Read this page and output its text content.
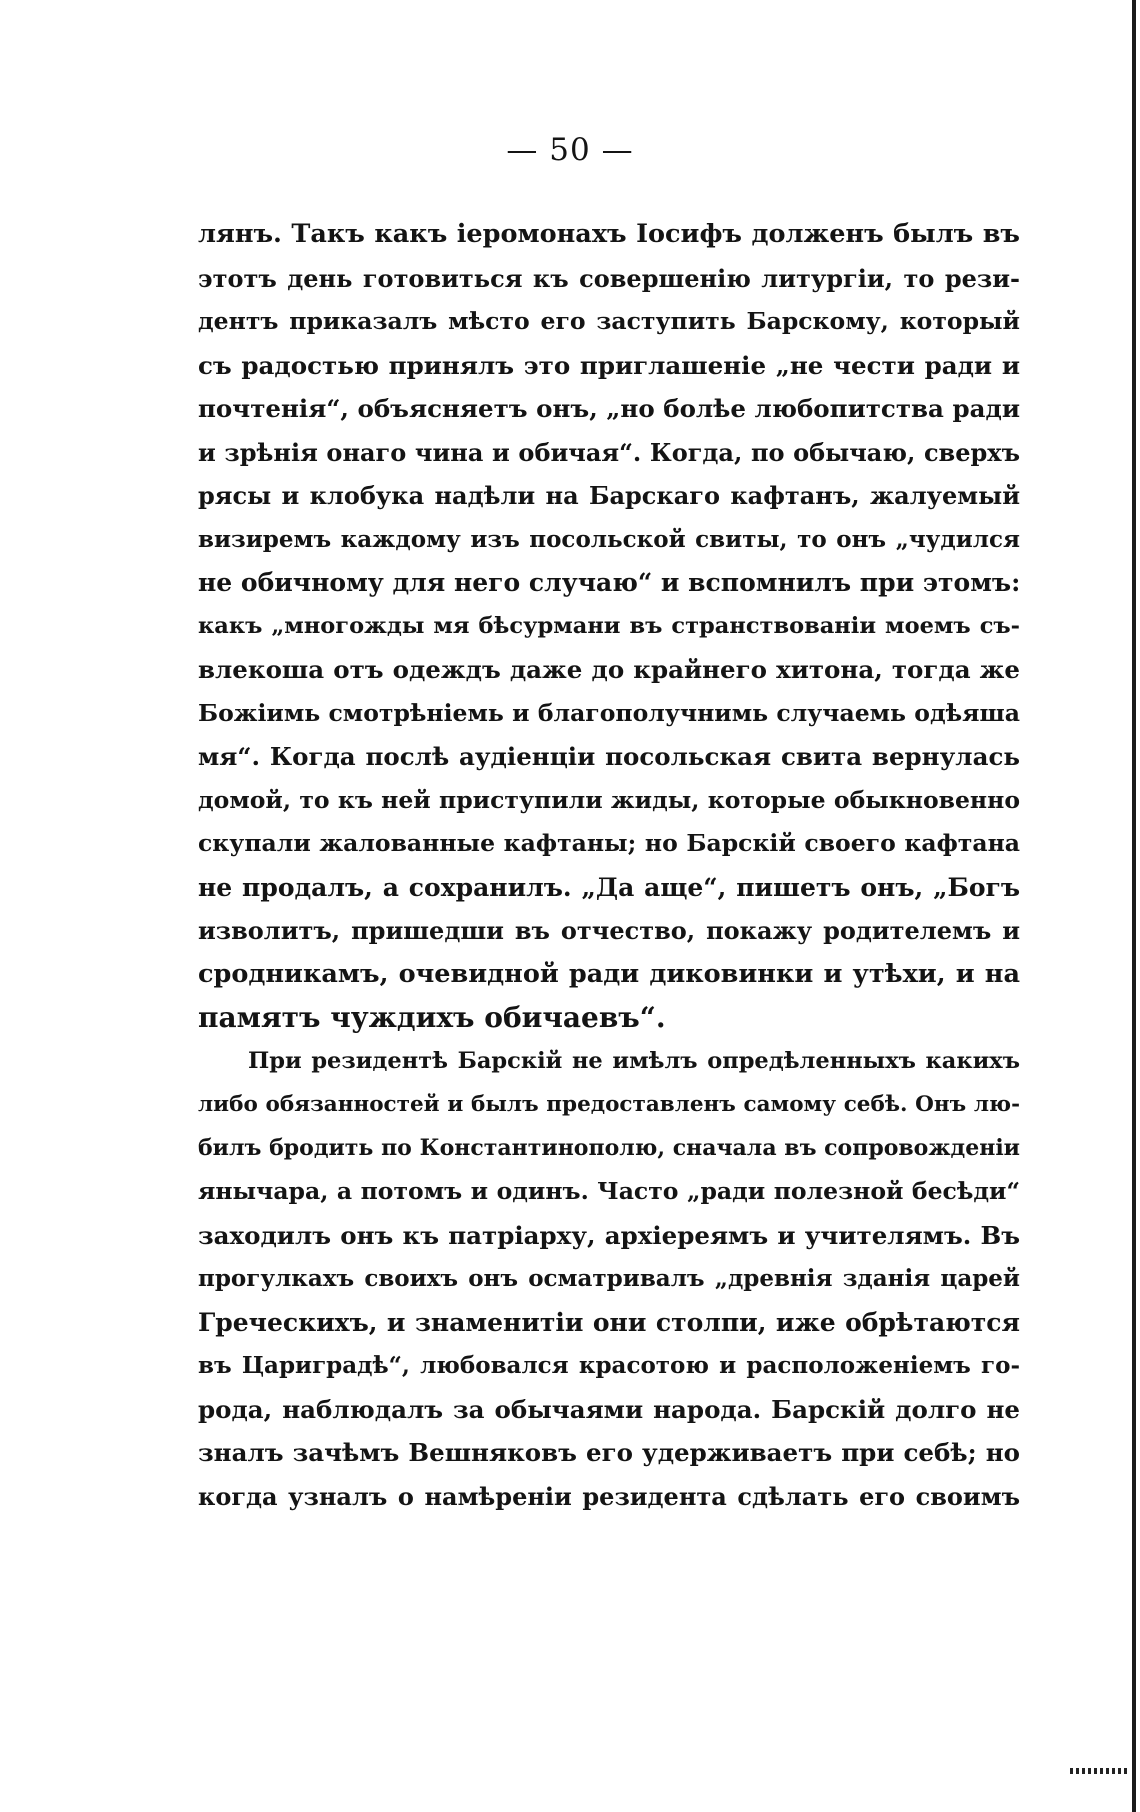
— 50 —
лянъ. Такъ какъ іеромонахъ Іосифъ долженъ былъ въ
этотъ день готовиться къ совершенію литургіи, то рези-
дентъ приказалъ мѣсто его заступить Барскому, который
съ радостью принялъ это приглашеніе „не чести ради и
почтенія“, объясняетъ онъ, „но болѣе любопитства ради
и зрѣнія онаго чина и обичая“. Когда, по обычаю, сверхъ
рясы и клобука надѣли на Барскаго кафтанъ, жалуемый
визиремъ каждому изъ посольской свиты, то онъ „чудился
не обичному для него случаю“ и вспомнилъ при этомъ:
какъ „многожды мя бѣсурмани въ странствованіи моемъ съ-
влекоша отъ одеждъ даже до крайнего хитона, тогда же
Божіимь смотрѣніемь и благополучнимь случаемь одѣяша
мя“. Когда послѣ аудіенціи посольская свита вернулась
домой, то къ ней приступили жиды, которые обыкновенно
скупали жалованные кафтаны; но Барскій своего кафтана
не продалъ, а сохранилъ. „Да аще“, пишетъ онъ, „Богъ
изволитъ, пришедши въ отчество, покажу родителемъ и
сродникамъ, очевидной ради диковинки и утѣхи, и на
памятъ чуждихъ обичаевъ“.
При резидентѣ Барскій не имѣлъ опредѣленныхъ какихъ
либо обязанностей и былъ предоставленъ самому себѣ. Онъ лю-
билъ бродить по Константинополю, сначала въ сопровожденіи
янычара, а потомъ и одинъ. Часто „ради полезной бесѣди“
заходилъ онъ къ патріарху, архіереямъ и учителямъ. Въ
прогулкахъ своихъ онъ осматривалъ „древнія зданія царей
Греческихъ, и знаменитіи они столпи, иже обрѣтаются
въ Цариградѣ“, любовался красотою и расположеніемъ го-
рода, наблюдалъ за обычаями народа. Барскій долго не
зналъ зачѣмъ Вешняковъ его удерживаетъ при себѣ; но
когда узналъ о намѣреніи резидента сдѣлать его своимъ
